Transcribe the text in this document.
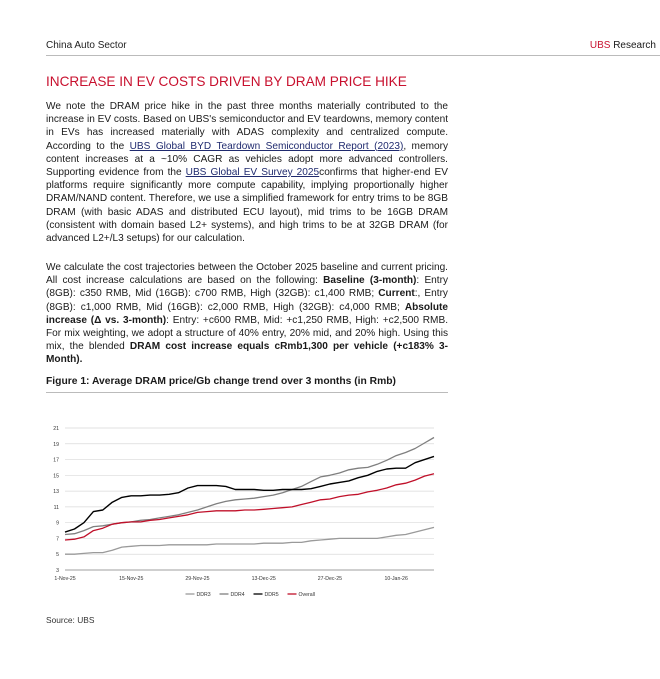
China Auto Sector	UBS Research
INCREASE IN EV COSTS DRIVEN BY DRAM PRICE HIKE
We note the DRAM price hike in the past three months materially contributed to the increase in EV costs. Based on UBS's semiconductor and EV teardowns, memory content in EVs has increased materially with ADAS complexity and centralized compute. According to the UBS Global BYD Teardown Semiconductor Report (2023), memory content increases at a ~10% CAGR as vehicles adopt more advanced controllers. Supporting evidence from the UBS Global EV Survey 2025confirms that higher-end EV platforms require significantly more compute capability, implying proportionally higher DRAM/NAND content. Therefore, we use a simplified framework for entry trims to be 8GB DRAM (with basic ADAS and distributed ECU layout), mid trims to be 16GB DRAM (consistent with domain based L2+ systems), and high trims to be at 32GB DRAM (for advanced L2+/L3 setups) for our calculation.
We calculate the cost trajectories between the October 2025 baseline and current pricing. All cost increase calculations are based on the following: Baseline (3-month): Entry (8GB): c350 RMB, Mid (16GB): c700 RMB, High (32GB): c1,400 RMB; Current:, Entry (8GB): c1,000 RMB, Mid (16GB): c2,000 RMB, High (32GB): c4,000 RMB; Absolute increase (Δ vs. 3-month): Entry: +c600 RMB, Mid: +c1,250 RMB, High: +c2,500 RMB. For mix weighting, we adopt a structure of 40% entry, 20% mid, and 20% high. Using this mix, the blended DRAM cost increase equals cRmb1,300 per vehicle (+c183% 3-Month).
Figure 1: Average DRAM price/Gb change trend over 3 months (in Rmb)
3
5
7
9
11
13
15
17
19
21
1-Nov-25	15-Nov-25	29-Nov-25	13-Dec-25	27-Dec-25	10-Jan-26
DDR3	DDR4	DDR5	Overall
Source: UBS
